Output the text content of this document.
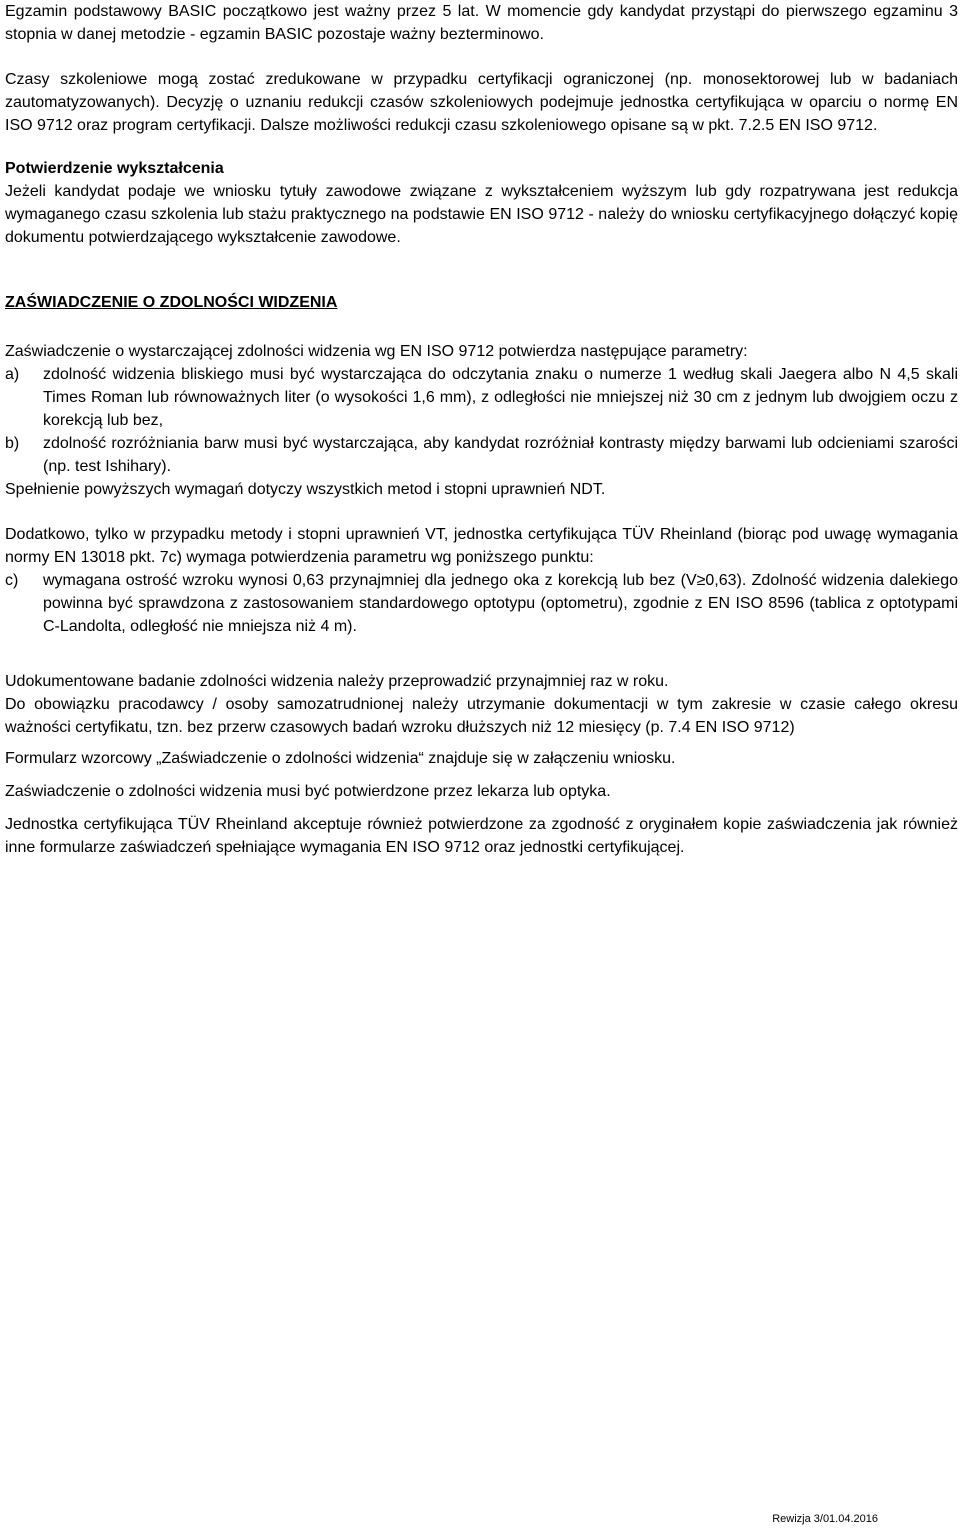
Egzamin podstawowy BASIC początkowo jest ważny przez 5 lat. W momencie gdy kandydat przystąpi do pierwszego egzaminu 3 stopnia w danej metodzie - egzamin BASIC pozostaje ważny bezterminowo.

Czasy szkoleniowe mogą zostać zredukowane w przypadku certyfikacji ograniczonej (np. monosektorowej lub w badaniach zautomatyzowanych). Decyzję o uznaniu redukcji czasów szkoleniowych podejmuje jednostka certyfikująca w oparciu o normę EN ISO 9712 oraz program certyfikacji. Dalsze możliwości redukcji czasu szkoleniowego opisane są w pkt. 7.2.5 EN ISO 9712.

Potwierdzenie wykształcenia

Jeżeli kandydat podaje we wniosku tytuły zawodowe związane z wykształceniem wyższym lub gdy rozpatrywana jest redukcja wymaganego czasu szkolenia lub stażu praktycznego na podstawie EN ISO 9712 - należy do wniosku certyfikacyjnego dołączyć kopię dokumentu potwierdzającego wykształcenie zawodowe.

ZAŚWIADCZENIE O ZDOLNOŚCI WIDZENIA

Zaświadczenie o wystarczającej zdolności widzenia wg EN ISO 9712 potwierdza następujące parametry:

a)	zdolność widzenia bliskiego musi być wystarczająca do odczytania znaku o numerze 1 według skali Jaegera albo N 4,5 skali Times Roman lub równoważnych liter (o wysokości 1,6 mm), z odległości nie mniejszej niż 30 cm z jednym lub dwojgiem oczu z korekcją lub bez,
b)	zdolność rozróżniania barw musi być wystarczająca, aby kandydat rozróżniał kontrasty między barwami lub odcieniami szarości (np. test Ishihary).

Spełnienie powyższych wymagań dotyczy wszystkich metod i stopni uprawnień NDT.

Dodatkowo, tylko w przypadku metody i stopni uprawnień VT, jednostka certyfikująca TÜV Rheinland (biorąc pod uwagę wymagania normy EN 13018 pkt. 7c) wymaga potwierdzenia parametru wg poniższego punktu:

c)	wymagana ostrość wzroku wynosi 0,63 przynajmniej dla jednego oka z korekcją lub bez (V≥0,63). Zdolność widzenia dalekiego powinna być sprawdzona z zastosowaniem standardowego optotypu (optometru), zgodnie z EN ISO 8596 (tablica z optotypami C-Landolta, odległość nie mniejsza niż 4 m).

Udokumentowane badanie zdolności widzenia należy przeprowadzić przynajmniej raz w roku.

Do obowiązku pracodawcy / osoby samozatrudnionej należy utrzymanie dokumentacji w tym zakresie w czasie całego okresu ważności certyfikatu, tzn. bez przerw czasowych badań wzroku dłuższych niż 12 miesięcy (p. 7.4 EN ISO 9712)

Formularz wzorcowy „Zaświadczenie o zdolności widzenia“ znajduje się w załączeniu wniosku.

Zaświadczenie o zdolności widzenia musi być potwierdzone przez lekarza lub optyka.

Jednostka certyfikująca TÜV Rheinland akceptuje również potwierdzone za zgodność z oryginałem kopie zaświadczenia jak również inne formularze zaświadczeń spełniające wymagania EN ISO 9712 oraz jednostki certyfikującej.

Rewizja 3/01.04.2016
